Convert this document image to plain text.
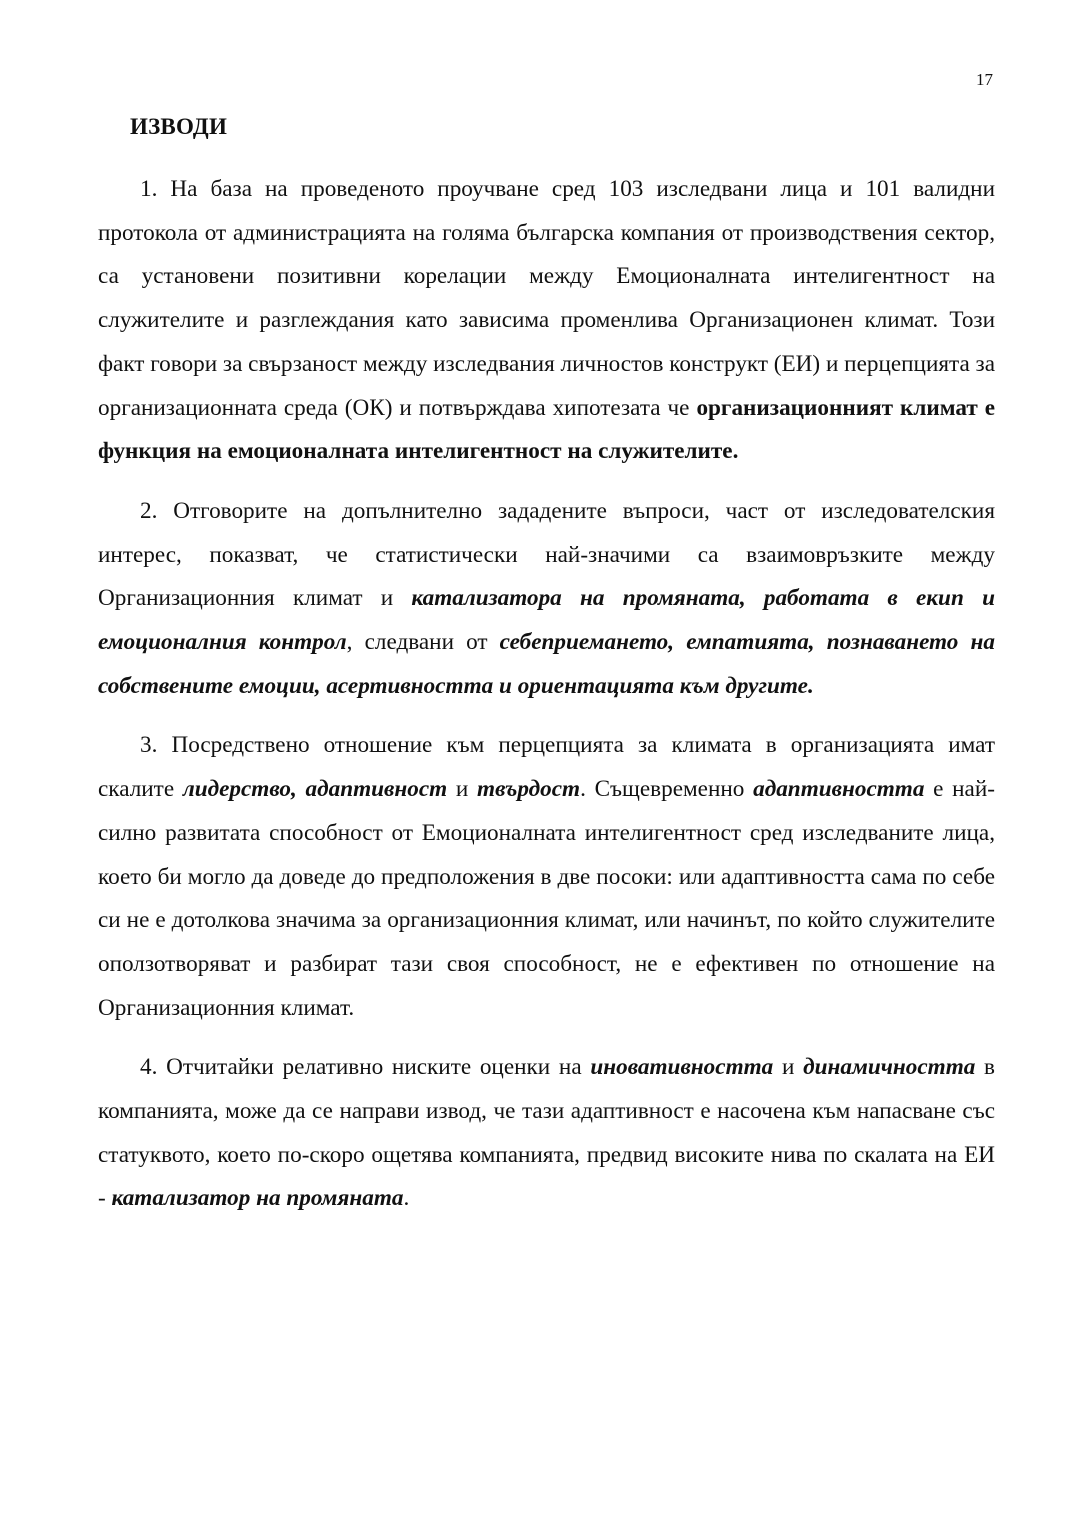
17
ИЗВОДИ

1. На база на проведеното проучване сред 103 изследвани лица и 101 валидни протокола от администрацията на голяма българска компания от производствения сектор, са установени позитивни корелации между Емоционалната интелигентност на служителите и разглеждания като зависима променлива Организационен климат. Този факт говори за свързаност между изследвания личностов конструкт (ЕИ) и перцепцията за организационната среда (ОК) и потвърждава хипотезата че организационният климат е функция на емоционалната интелигентност на служителите.

2. Отговорите на допълнително зададените въпроси, част от изследователския интерес, показват, че статистически най-значими са взаимовръзките между Организационния климат и катализатора на промяната, работата в екип и емоционалния контрол, следвани от себеприемането, емпатията, познаването на собствените емоции, асертивността и ориентацията към другите.

3. Посредствено отношение към перцепцията за климата в организацията имат скалите лидерство, адаптивност и твърдост. Същевременно адаптивността е най-силно развитата способност от Емоционалната интелигентност сред изследваните лица, което би могло да доведе до предположения в две посоки: или адаптивността сама по себе си не е дотолкова значима за организационния климат, или начинът, по който служителите оползотворяват и разбират тази своя способност, не е ефективен по отношение на Организационния климат.

4. Отчитайки релативно ниските оценки на иновативността и динамичността в компанията, може да се направи извод, че тази адаптивност е насочена към напасване със статуквото, което по-скоро ощетява компанията, предвид високите нива по скалата на ЕИ - катализатор на промяната.
